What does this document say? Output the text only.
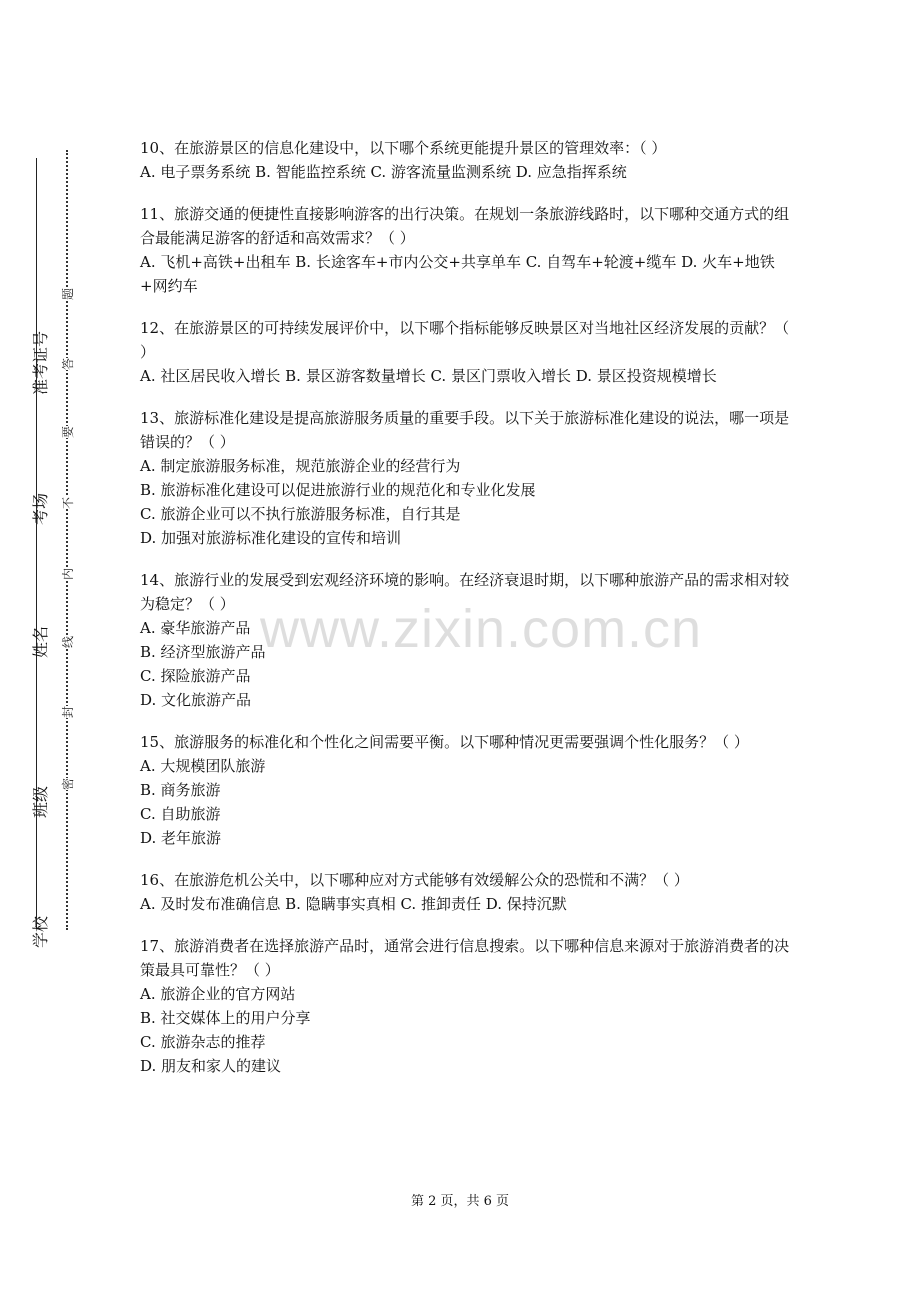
学校
班级
姓名
考场
准考证号
密
封
线
内
不
要
答
题

10、在旅游景区的信息化建设中，以下哪个系统更能提升景区的管理效率：（ ）

A. 电子票务系统 B. 智能监控系统 C. 游客流量监测系统 D. 应急指挥系统

11、旅游交通的便捷性直接影响游客的出行决策。在规划一条旅游线路时，以下哪种交通方式的组合最能满足游客的舒适和高效需求？（ ）

A. 飞机+高铁+出租车 B. 长途客车+市内公交+共享单车 C. 自驾车+轮渡+缆车 D. 火车+地铁+网约车

12、在旅游景区的可持续发展评价中，以下哪个指标能够反映景区对当地社区经济发展的贡献？（ ）

A. 社区居民收入增长 B. 景区游客数量增长 C. 景区门票收入增长 D. 景区投资规模增长

13、旅游标准化建设是提高旅游服务质量的重要手段。以下关于旅游标准化建设的说法，哪一项是错误的？（ ）

A. 制定旅游服务标准，规范旅游企业的经营行为

B. 旅游标准化建设可以促进旅游行业的规范化和专业化发展

C. 旅游企业可以不执行旅游服务标准，自行其是

D. 加强对旅游标准化建设的宣传和培训

14、旅游行业的发展受到宏观经济环境的影响。在经济衰退时期，以下哪种旅游产品的需求相对较为稳定？（ ）

A. 豪华旅游产品

B. 经济型旅游产品

C. 探险旅游产品

D. 文化旅游产品

15、旅游服务的标准化和个性化之间需要平衡。以下哪种情况更需要强调个性化服务？（ ）

A. 大规模团队旅游

B. 商务旅游

C. 自助旅游

D. 老年旅游

16、在旅游危机公关中，以下哪种应对方式能够有效缓解公众的恐慌和不满？（ ）

A. 及时发布准确信息 B. 隐瞒事实真相 C. 推卸责任 D. 保持沉默

17、旅游消费者在选择旅游产品时，通常会进行信息搜索。以下哪种信息来源对于旅游消费者的决策最具可靠性？（ ）

A. 旅游企业的官方网站

B. 社交媒体上的用户分享

C. 旅游杂志的推荐

D. 朋友和家人的建议

www.zixin.com.cn
第 2 页，共 6 页
